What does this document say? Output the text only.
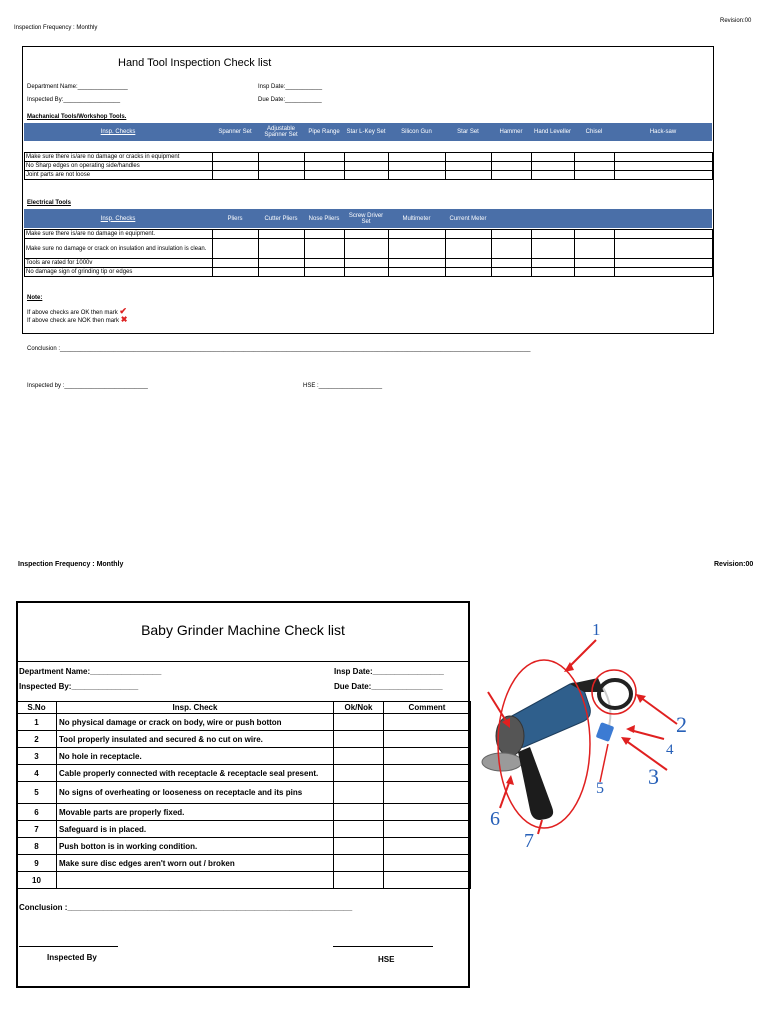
Inspection Frequency : Monthly
Revision:00
Hand Tool Inspection Check list
Department Name:_______________	Insp Date:___________
Inspected By:_________________	Due Date:___________
Machanical Tools/Workshop Tools.
Insp. Checks	Spanner Set	Adjustable Spanner Set	Pipe Range	Star L-Key Set	Silicon Gun	Star Set	Hammer	Hand Leveller	Chisel	Hack-saw
Make sure there is/are no damage or cracks in equipment										
No Sharp edges on operating side/handles										
Joint parts are not loose										
Electrical Tools
Insp. Checks	Pliers	Cutter Pliers	Nose Pliers	Screw Driver Set	Multimeter	Current Meter
Make sure there is/are no damage in equipment.										
Make sure no damage or crack on insulation and insulation is clean.										
Tools are rated for 1000v										
No damage sign of grinding tip or edges										
Note:
If above checks are OK then mark ✔
If above check are NOK then mark ✖
Conclusion :_____________________________________________________________________________________________________________________________________________
Inspected by :_________________________	HSE :___________________
Inspection Frequency : Monthly	Revision:00
Baby Grinder Machine Check list
Department Name:________________	Insp Date:________________
Inspected By:_______________	Due Date:________________
S.No	Insp. Check	Ok/Nok	Comment
1	No physical damage or crack on body, wire or push botton		
2	Tool properly insulated and secured & no cut on wire.		
3	No hole in receptacle.		
4	Cable properly connected with receptacle & receptacle seal present.		
5	No signs of overheating or looseness on receptacle and its pins		
6	Movable parts are properly fixed.		
7	Safeguard is in placed.		
8	Push botton is in working condition.		
9	Make sure disc edges aren't worn out / broken		
10			
Conclusion :________________________________________________________________
Inspected By	HSE
1
2
3
4
5
6
7
